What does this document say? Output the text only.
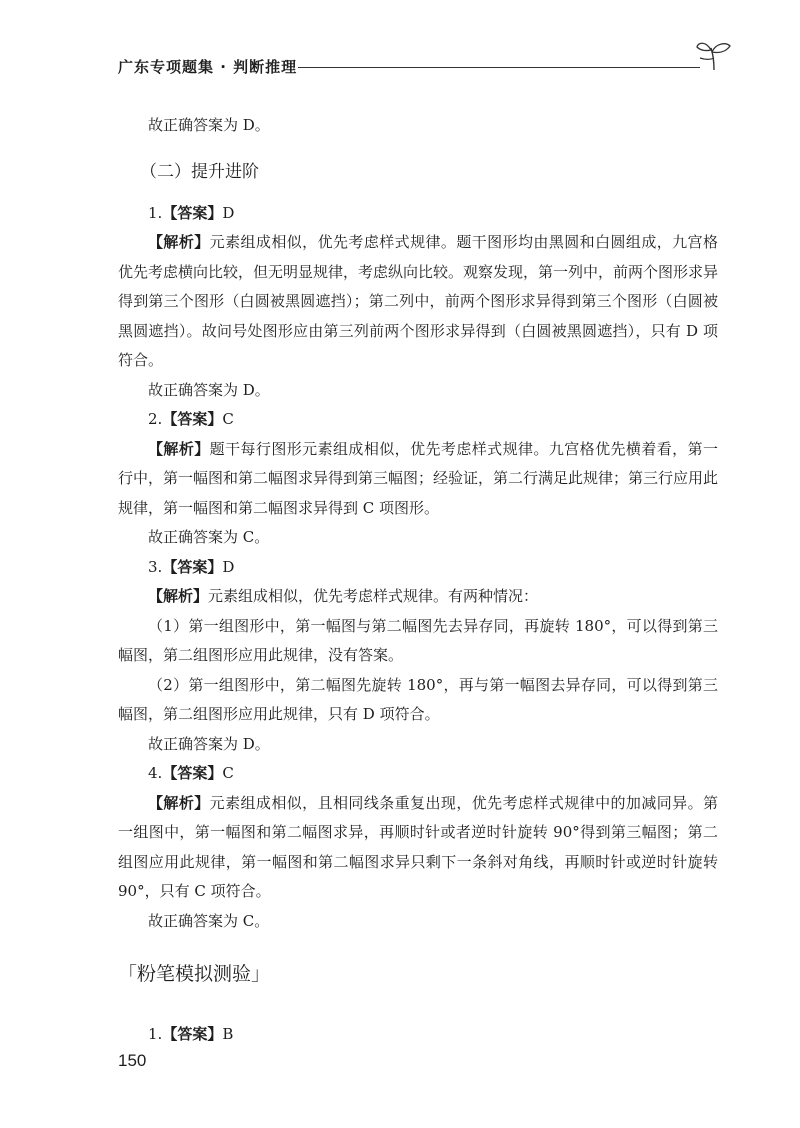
广东专项题集 · 判断推理

故正确答案为 D。

（二）提升进阶

1.【答案】D

【解析】元素组成相似，优先考虑样式规律。题干图形均由黑圆和白圆组成，九宫格优先考虑横向比较，但无明显规律，考虑纵向比较。观察发现，第一列中，前两个图形求异得到第三个图形（白圆被黑圆遮挡）；第二列中，前两个图形求异得到第三个图形（白圆被黑圆遮挡）。故问号处图形应由第三列前两个图形求异得到（白圆被黑圆遮挡），只有 D 项符合。

故正确答案为 D。

2.【答案】C

【解析】题干每行图形元素组成相似，优先考虑样式规律。九宫格优先横着看，第一行中，第一幅图和第二幅图求异得到第三幅图；经验证，第二行满足此规律；第三行应用此规律，第一幅图和第二幅图求异得到 C 项图形。

故正确答案为 C。

3.【答案】D

【解析】元素组成相似，优先考虑样式规律。有两种情况：

（1）第一组图形中，第一幅图与第二幅图先去异存同，再旋转 180°，可以得到第三幅图，第二组图形应用此规律，没有答案。

（2）第一组图形中，第二幅图先旋转 180°，再与第一幅图去异存同，可以得到第三幅图，第二组图形应用此规律，只有 D 项符合。

故正确答案为 D。

4.【答案】C

【解析】元素组成相似，且相同线条重复出现，优先考虑样式规律中的加减同异。第一组图中，第一幅图和第二幅图求异，再顺时针或者逆时针旋转 90°得到第三幅图；第二组图应用此规律，第一幅图和第二幅图求异只剩下一条斜对角线，再顺时针或逆时针旋转 90°，只有 C 项符合。

故正确答案为 C。

「粉笔模拟测验」

1.【答案】B

150
